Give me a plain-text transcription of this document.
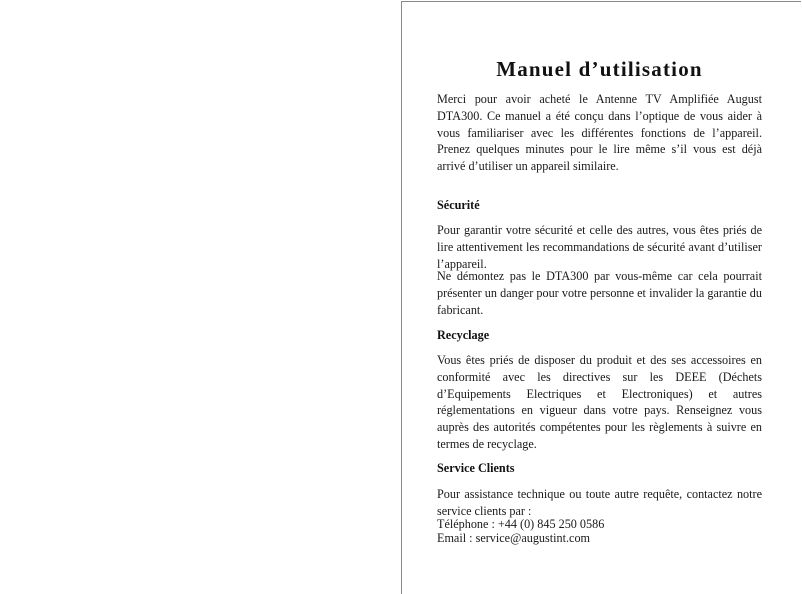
Manuel d’utilisation

Merci pour avoir acheté le Antenne TV Amplifiée August DTA300. Ce manuel a été conçu dans l’optique de vous aider à vous familiariser avec les différentes fonctions de l’appareil. Prenez quelques minutes pour le lire même s’il vous est déjà arrivé d’utiliser un appareil similaire.

Sécurité

Pour garantir votre sécurité et celle des autres, vous êtes priés de lire attentivement les recommandations de sécurité avant d’utiliser l’appareil.

Ne démontez pas le DTA300 par vous-même car cela pourrait présenter un danger pour votre personne et invalider la garantie du fabricant.

Recyclage

Vous êtes priés de disposer du produit et des ses accessoires en conformité avec les directives sur les DEEE (Déchets d’Equipements Electriques et Electroniques) et autres réglementations en vigueur dans votre pays. Renseignez vous auprès des autorités compétentes pour les règlements à suivre en termes de recyclage.

Service Clients

Pour assistance technique ou toute autre requête, contactez notre service clients par :

Téléphone : +44 (0) 845 250 0586
Email : service@augustint.com
